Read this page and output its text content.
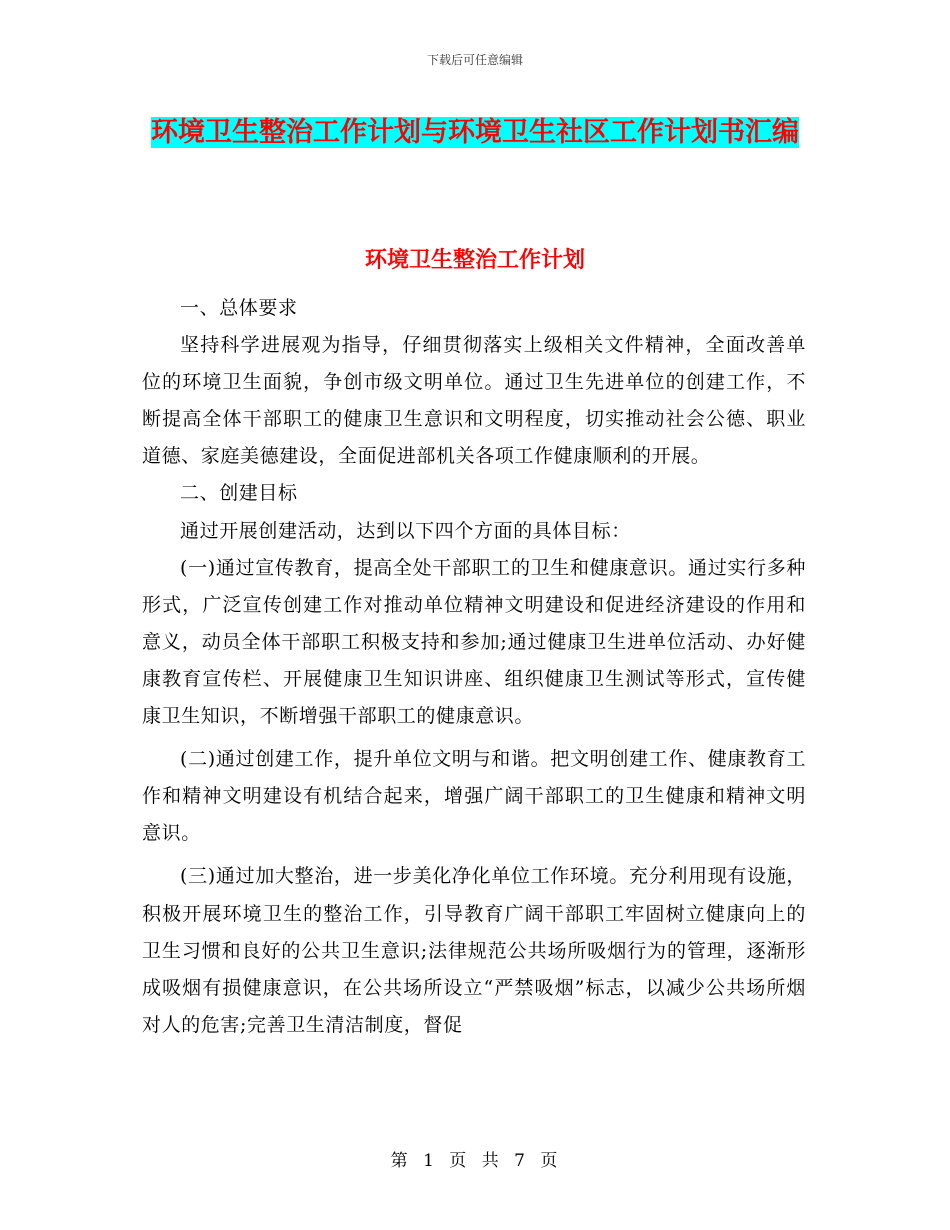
下载后可任意编辑
环境卫生整治工作计划与环境卫生社区工作计划书汇编
环境卫生整治工作计划

一、总体要求

坚持科学进展观为指导，仔细贯彻落实上级相关文件精神，全面改善单位的环境卫生面貌，争创市级文明单位。通过卫生先进单位的创建工作，不断提高全体干部职工的健康卫生意识和文明程度，切实推动社会公德、职业道德、家庭美德建设，全面促进部机关各项工作健康顺利的开展。

二、创建目标

通过开展创建活动，达到以下四个方面的具体目标：

(一)通过宣传教育，提高全处干部职工的卫生和健康意识。通过实行多种形式，广泛宣传创建工作对推动单位精神文明建设和促进经济建设的作用和意义，动员全体干部职工积极支持和参加;通过健康卫生进单位活动、办好健康教育宣传栏、开展健康卫生知识讲座、组织健康卫生测试等形式，宣传健康卫生知识，不断增强干部职工的健康意识。

(二)通过创建工作，提升单位文明与和谐。把文明创建工作、健康教育工作和精神文明建设有机结合起来，增强广阔干部职工的卫生健康和精神文明意识。

(三)通过加大整治，进一步美化净化单位工作环境。充分利用现有设施，积极开展环境卫生的整治工作，引导教育广阔干部职工牢固树立健康向上的卫生习惯和良好的公共卫生意识;法律规范公共场所吸烟行为的管理，逐渐形成吸烟有损健康意识，在公共场所设立“严禁吸烟”标志，以减少公共场所烟对人的危害;完善卫生清洁制度，督促

第 1 页 共 7 页
